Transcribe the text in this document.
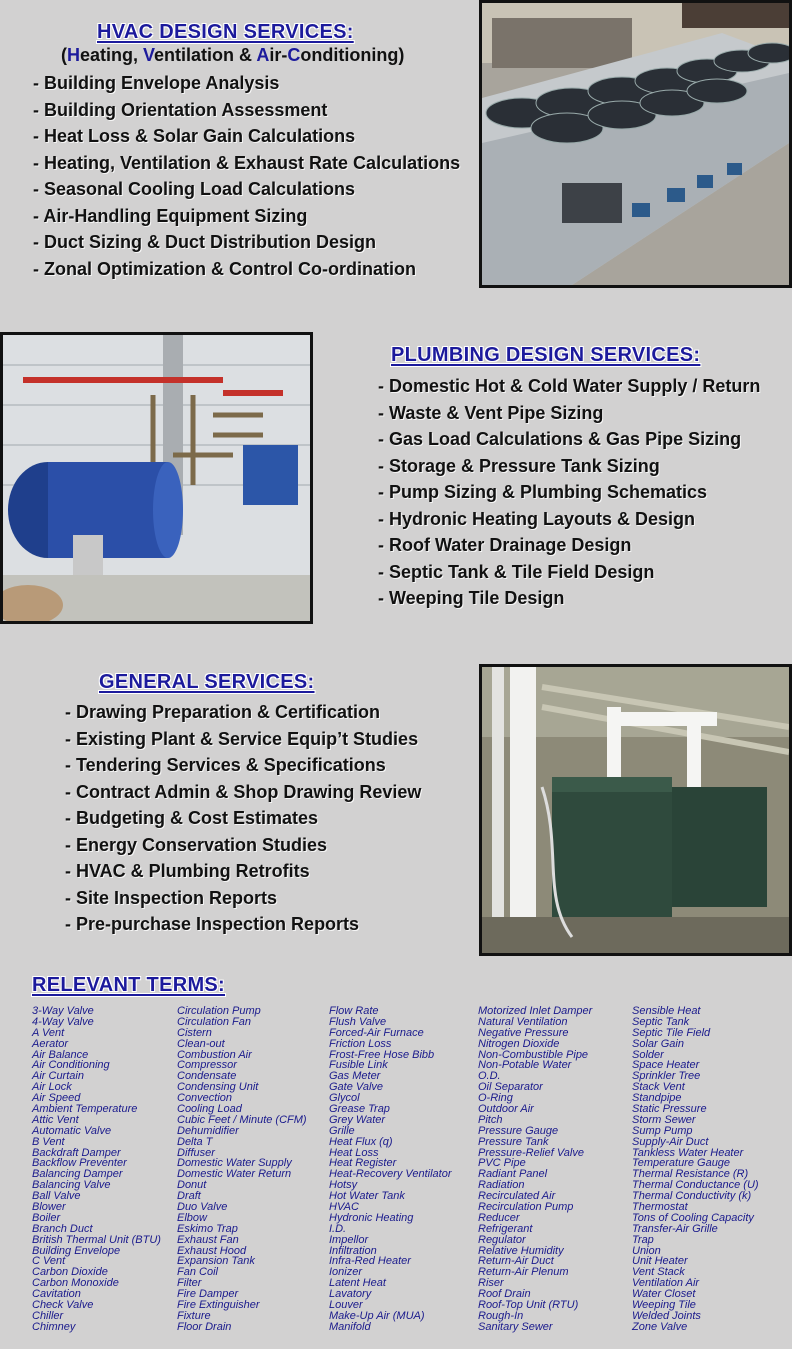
HVAC DESIGN SERVICES:
(Heating, Ventilation & Air-Conditioning)
- Building Envelope Analysis
- Building Orientation Assessment
- Heat Loss & Solar Gain Calculations
- Heating, Ventilation & Exhaust Rate Calculations
- Seasonal Cooling Load Calculations
- Air-Handling Equipment Sizing
- Duct Sizing & Duct Distribution Design
- Zonal Optimization & Control Co-ordination
PLUMBING DESIGN SERVICES:
- Domestic Hot & Cold Water Supply / Return
- Waste & Vent Pipe Sizing
- Gas Load Calculations & Gas Pipe Sizing
- Storage & Pressure Tank Sizing
- Pump Sizing & Plumbing Schematics
- Hydronic Heating Layouts & Design
- Roof Water Drainage Design
- Septic Tank & Tile Field Design
- Weeping Tile Design
GENERAL SERVICES:
- Drawing Preparation & Certification
- Existing Plant & Service Equip’t Studies
- Tendering Services & Specifications
- Contract Admin & Shop Drawing Review
- Budgeting & Cost Estimates
- Energy Conservation Studies
- HVAC & Plumbing Retrofits
- Site Inspection Reports
- Pre-purchase Inspection Reports
RELEVANT TERMS:
3-Way Valve
4-Way Valve
A Vent
Aerator
Air Balance
Air Conditioning
Air Curtain
Air Lock
Air Speed
Ambient Temperature
Attic Vent
Automatic Valve
B Vent
Backdraft Damper
Backflow Preventer
Balancing Damper
Balancing Valve
Ball Valve
Blower
Boiler
Branch Duct
British Thermal Unit (BTU)
Building Envelope
C Vent
Carbon Dioxide
Carbon Monoxide
Cavitation
Check Valve
Chiller
Chimney
Circulation Pump
Circulation Fan
Cistern
Clean-out
Combustion Air
Compressor
Condensate
Condensing Unit
Convection
Cooling Load
Cubic Feet / Minute (CFM)
Dehumidifier
Delta T
Diffuser
Domestic Water Supply
Domestic Water Return
Donut
Draft
Duo Valve
Elbow
Eskimo Trap
Exhaust Fan
Exhaust Hood
Expansion Tank
Fan Coil
Filter
Fire Damper
Fire Extinguisher
Fixture
Floor Drain
Flow Rate
Flush Valve
Forced-Air Furnace
Friction Loss
Frost-Free Hose Bibb
Fusible Link
Gas Meter
Gate Valve
Glycol
Grease Trap
Grey Water
Grille
Heat Flux (q)
Heat Loss
Heat Register
Heat-Recovery Ventilator
Hotsy
Hot Water Tank
HVAC
Hydronic Heating
I.D.
Impellor
Infiltration
Infra-Red Heater
Ionizer
Latent Heat
Lavatory
Louver
Make-Up Air (MUA)
Manifold
Motorized Inlet Damper
Natural Ventilation
Negative Pressure
Nitrogen Dioxide
Non-Combustible Pipe
Non-Potable Water
O.D.
Oil Separator
O-Ring
Outdoor Air
Pitch
Pressure Gauge
Pressure Tank
Pressure-Relief Valve
PVC Pipe
Radiant Panel
Radiation
Recirculated Air
Recirculation Pump
Reducer
Refrigerant
Regulator
Relative Humidity
Return-Air Duct
Return-Air Plenum
Riser
Roof Drain
Roof-Top Unit (RTU)
Rough-In
Sanitary Sewer
Sensible Heat
Septic Tank
Septic Tile Field
Solar Gain
Solder
Space Heater
Sprinkler Tree
Stack Vent
Standpipe
Static Pressure
Storm Sewer
Sump Pump
Supply-Air Duct
Tankless Water Heater
Temperature Gauge
Thermal Resistance (R)
Thermal Conductance (U)
Thermal Conductivity (k)
Thermostat
Tons of Cooling Capacity
Transfer-Air Grille
Trap
Union
Unit Heater
Vent Stack
Ventilation Air
Water Closet
Weeping Tile
Welded Joints
Zone Valve
